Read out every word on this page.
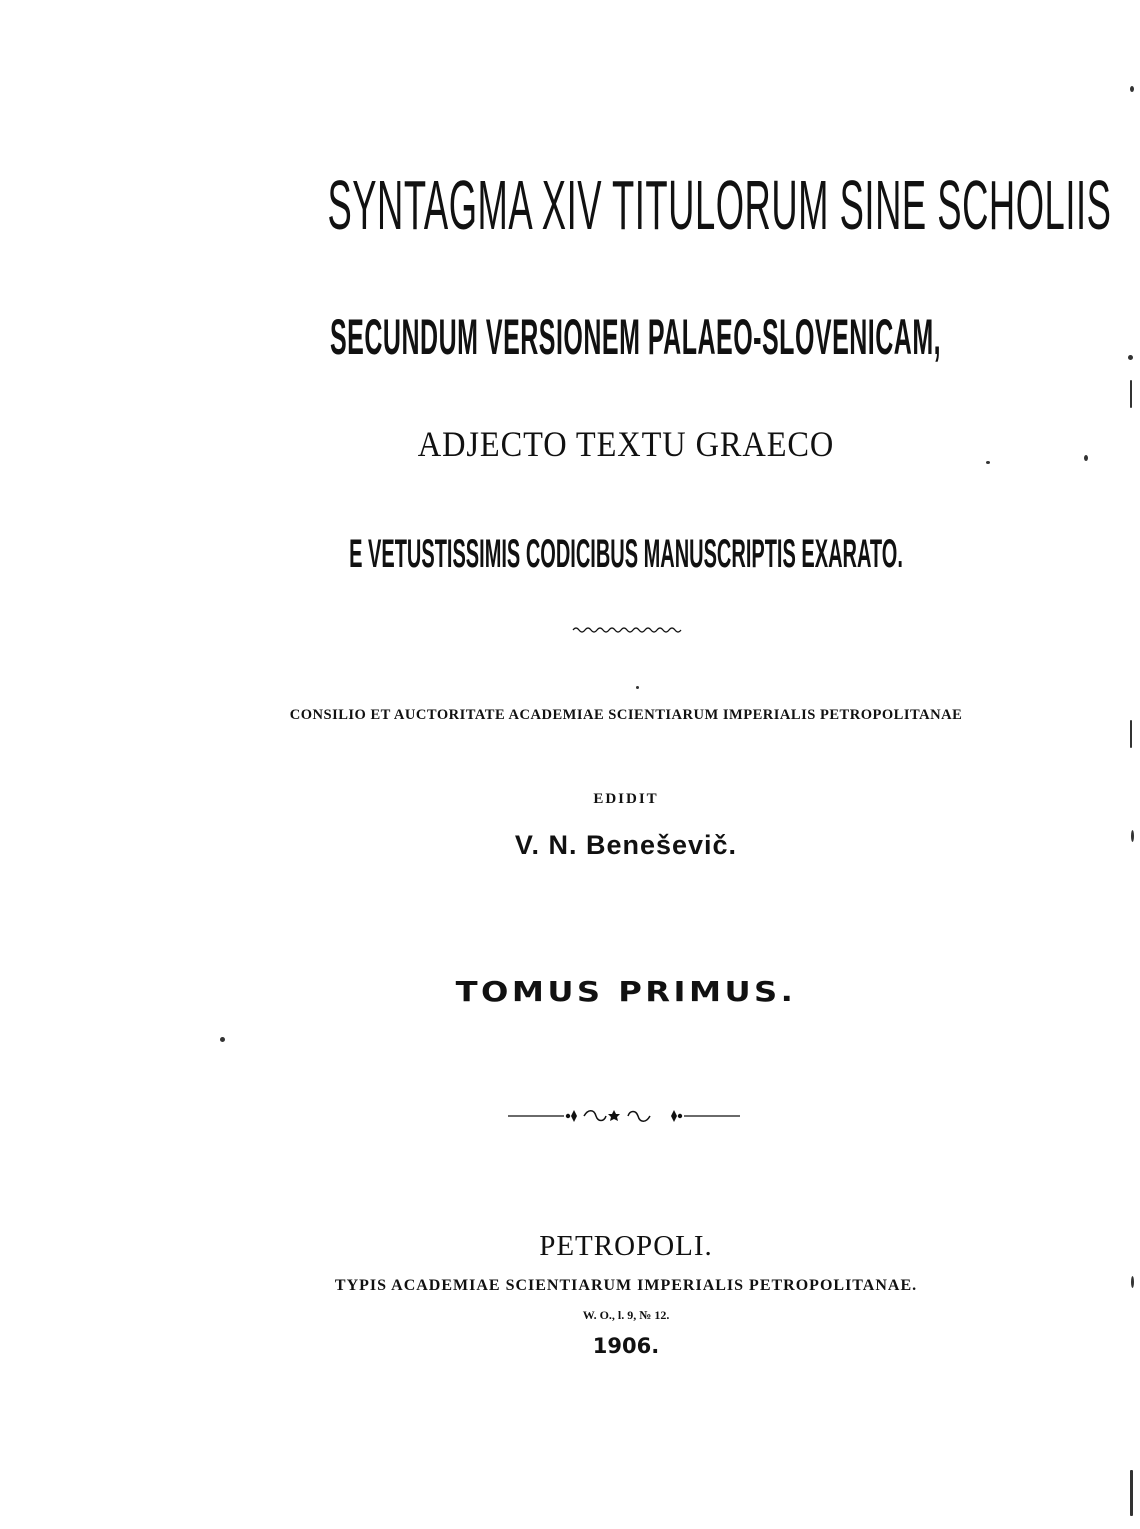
SYNTAGMA XIV TITULORUM SINE SCHOLIIS
SECUNDUM VERSIONEM PALAEO-SLOVENICAM,
ADJECTO TEXTU GRAECO
E VETUSTISSIMIS CODICIBUS MANUSCRIPTIS EXARATO.
CONSILIO ET AUCTORITATE ACADEMIAE SCIENTIARUM IMPERIALIS PETROPOLITANAE
EDIDIT
V. N. Beneševič.
TOMUS PRIMUS.
PETROPOLI.
TYPIS ACADEMIAE SCIENTIARUM IMPERIALIS PETROPOLITANAE.
W. O., l. 9, № 12.
1906.
